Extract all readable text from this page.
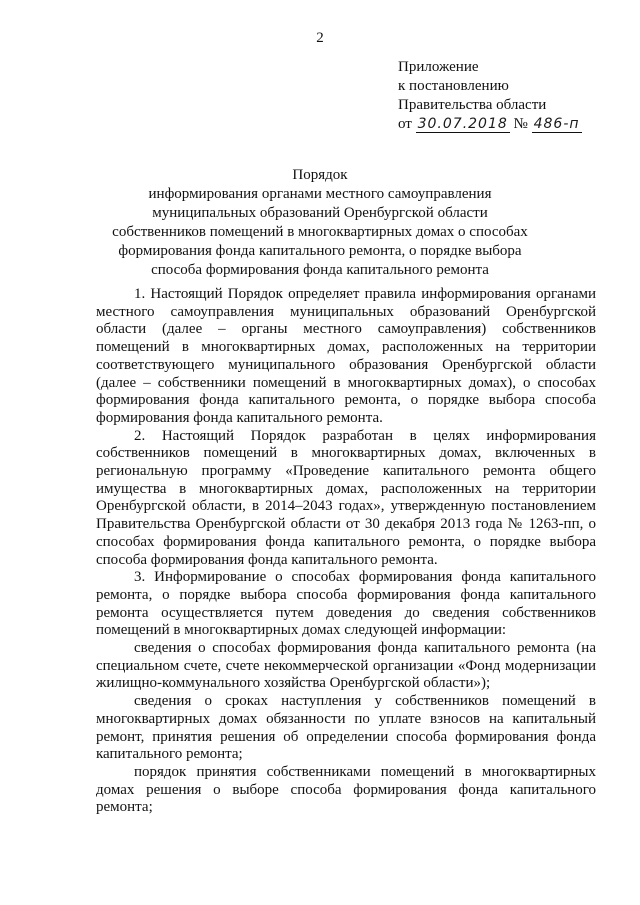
2
Приложение
к постановлению
Правительства области
от 30.07.2018 № 486-п
Порядок
информирования органами местного самоуправления муниципальных образований Оренбургской области собственников помещений в многоквартирных домах о способах формирования фонда капитального ремонта, о порядке выбора способа формирования фонда капитального ремонта

1. Настоящий Порядок определяет правила информирования органами местного самоуправления муниципальных образований Оренбургской области (далее – органы местного самоуправления) собственников помещений в многоквартирных домах, расположенных на территории соответствующего муниципального образования Оренбургской области (далее – собственники помещений в многоквартирных домах), о способах формирования фонда капитального ремонта, о порядке выбора способа формирования фонда капитального ремонта.

2. Настоящий Порядок разработан в целях информирования собственников помещений в многоквартирных домах, включенных в региональную программу «Проведение капитального ремонта общего имущества в многоквартирных домах, расположенных на территории Оренбургской области, в 2014–2043 годах», утвержденную постановлением Правительства Оренбургской области от 30 декабря 2013 года № 1263-пп, о способах формирования фонда капитального ремонта, о порядке выбора способа формирования фонда капитального ремонта.

3. Информирование о способах формирования фонда капитального ремонта, о порядке выбора способа формирования фонда капитального ремонта осуществляется путем доведения до сведения собственников помещений в многоквартирных домах следующей информации:

сведения о способах формирования фонда капитального ремонта (на специальном счете, счете некоммерческой организации «Фонд модернизации жилищно-коммунального хозяйства Оренбургской области»);

сведения о сроках наступления у собственников помещений в многоквартирных домах обязанности по уплате взносов на капитальный ремонт, принятия решения об определении способа формирования фонда капитального ремонта;

порядок принятия собственниками помещений в многоквартирных домах решения о выборе способа формирования фонда капитального ремонта;
